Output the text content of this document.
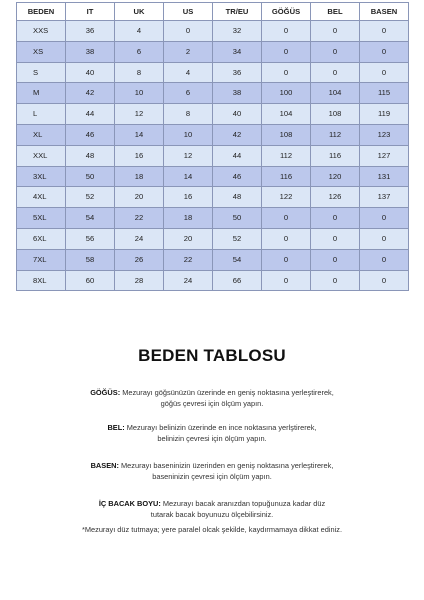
BEDEN	IT	UK	US	TR/EU	GÖĞÜS	BEL	BASEN
XXS	36	4	0	32	0	0	0
XS	38	6	2	34	0	0	0
S	40	8	4	36	0	0	0
M	42	10	6	38	100	104	115
L	44	12	8	40	104	108	119
XL	46	14	10	42	108	112	123
XXL	48	16	12	44	112	116	127
3XL	50	18	14	46	116	120	131
4XL	52	20	16	48	122	126	137
5XL	54	22	18	50	0	0	0
6XL	56	24	20	52	0	0	0
7XL	58	26	22	54	0	0	0
8XL	60	28	24	66	0	0	0
BEDEN TABLOSU
GÖĞÜS: Mezurayı göğsünüzün üzerinde en geniş noktasına yerleştirerek,
göğüs çevresi için ölçüm yapın.
BEL: Mezurayı belinizin üzerinde en ince noktasına yerlştirerek,
belinizin çevresi için ölçüm yapın.
BASEN: Mezurayı baseninizin üzerinden en geniş noktasına yerleştirerek,
baseninizin çevresi için ölçüm yapın.
İÇ BACAK BOYU: Mezurayı bacak aranızdan topuğunuza kadar düz
tutarak bacak boyunuzu ölçebilirsiniz.
*Mezurayı düz tutmaya; yere paralel olcak şekilde, kaydırmamaya dikkat ediniz.
